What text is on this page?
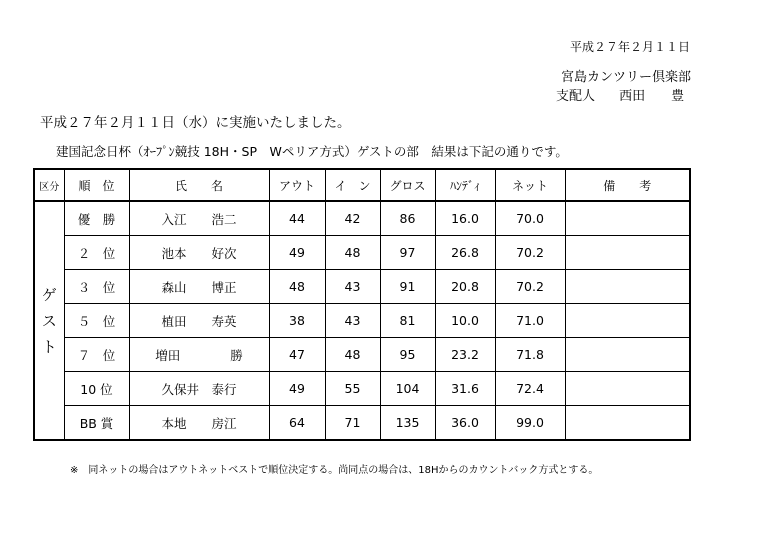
平成２７年２月１１日
宮島カンツリー倶楽部
支配人 西田　　豊
平成２７年２月１１日（水）に実施いたしました。
建国記念日杯（ｵｰﾌﾟﾝ競技 18H・SP　Wペリア方式）ゲストの部　結果は下記の通りです。
区分	順　位	氏　　名	アウト	イ　ン	グロス	ﾊﾝﾃﾞｨ	ネット	備　　考

ゲ
ス
ト	優　勝	入江　　浩二	44	42	86	16.0	70.0	
	２　位	池本　　好次	49	48	97	26.8	70.2	
	３　位	森山　　博正	48	43	91	20.8	70.2	
	５　位	植田　　寿英	38	43	81	10.0	71.0	
	７　位	増田　　　　勝	47	48	95	23.2	71.8	
	10 位	久保井　泰行	49	55	104	31.6	72.4	
	BB 賞	本地　　房江	64	71	135	36.0	99.0	
※　同ネットの場合はアウトネットベストで順位決定する。尚同点の場合は、18Hからのカウントバック方式とする。
